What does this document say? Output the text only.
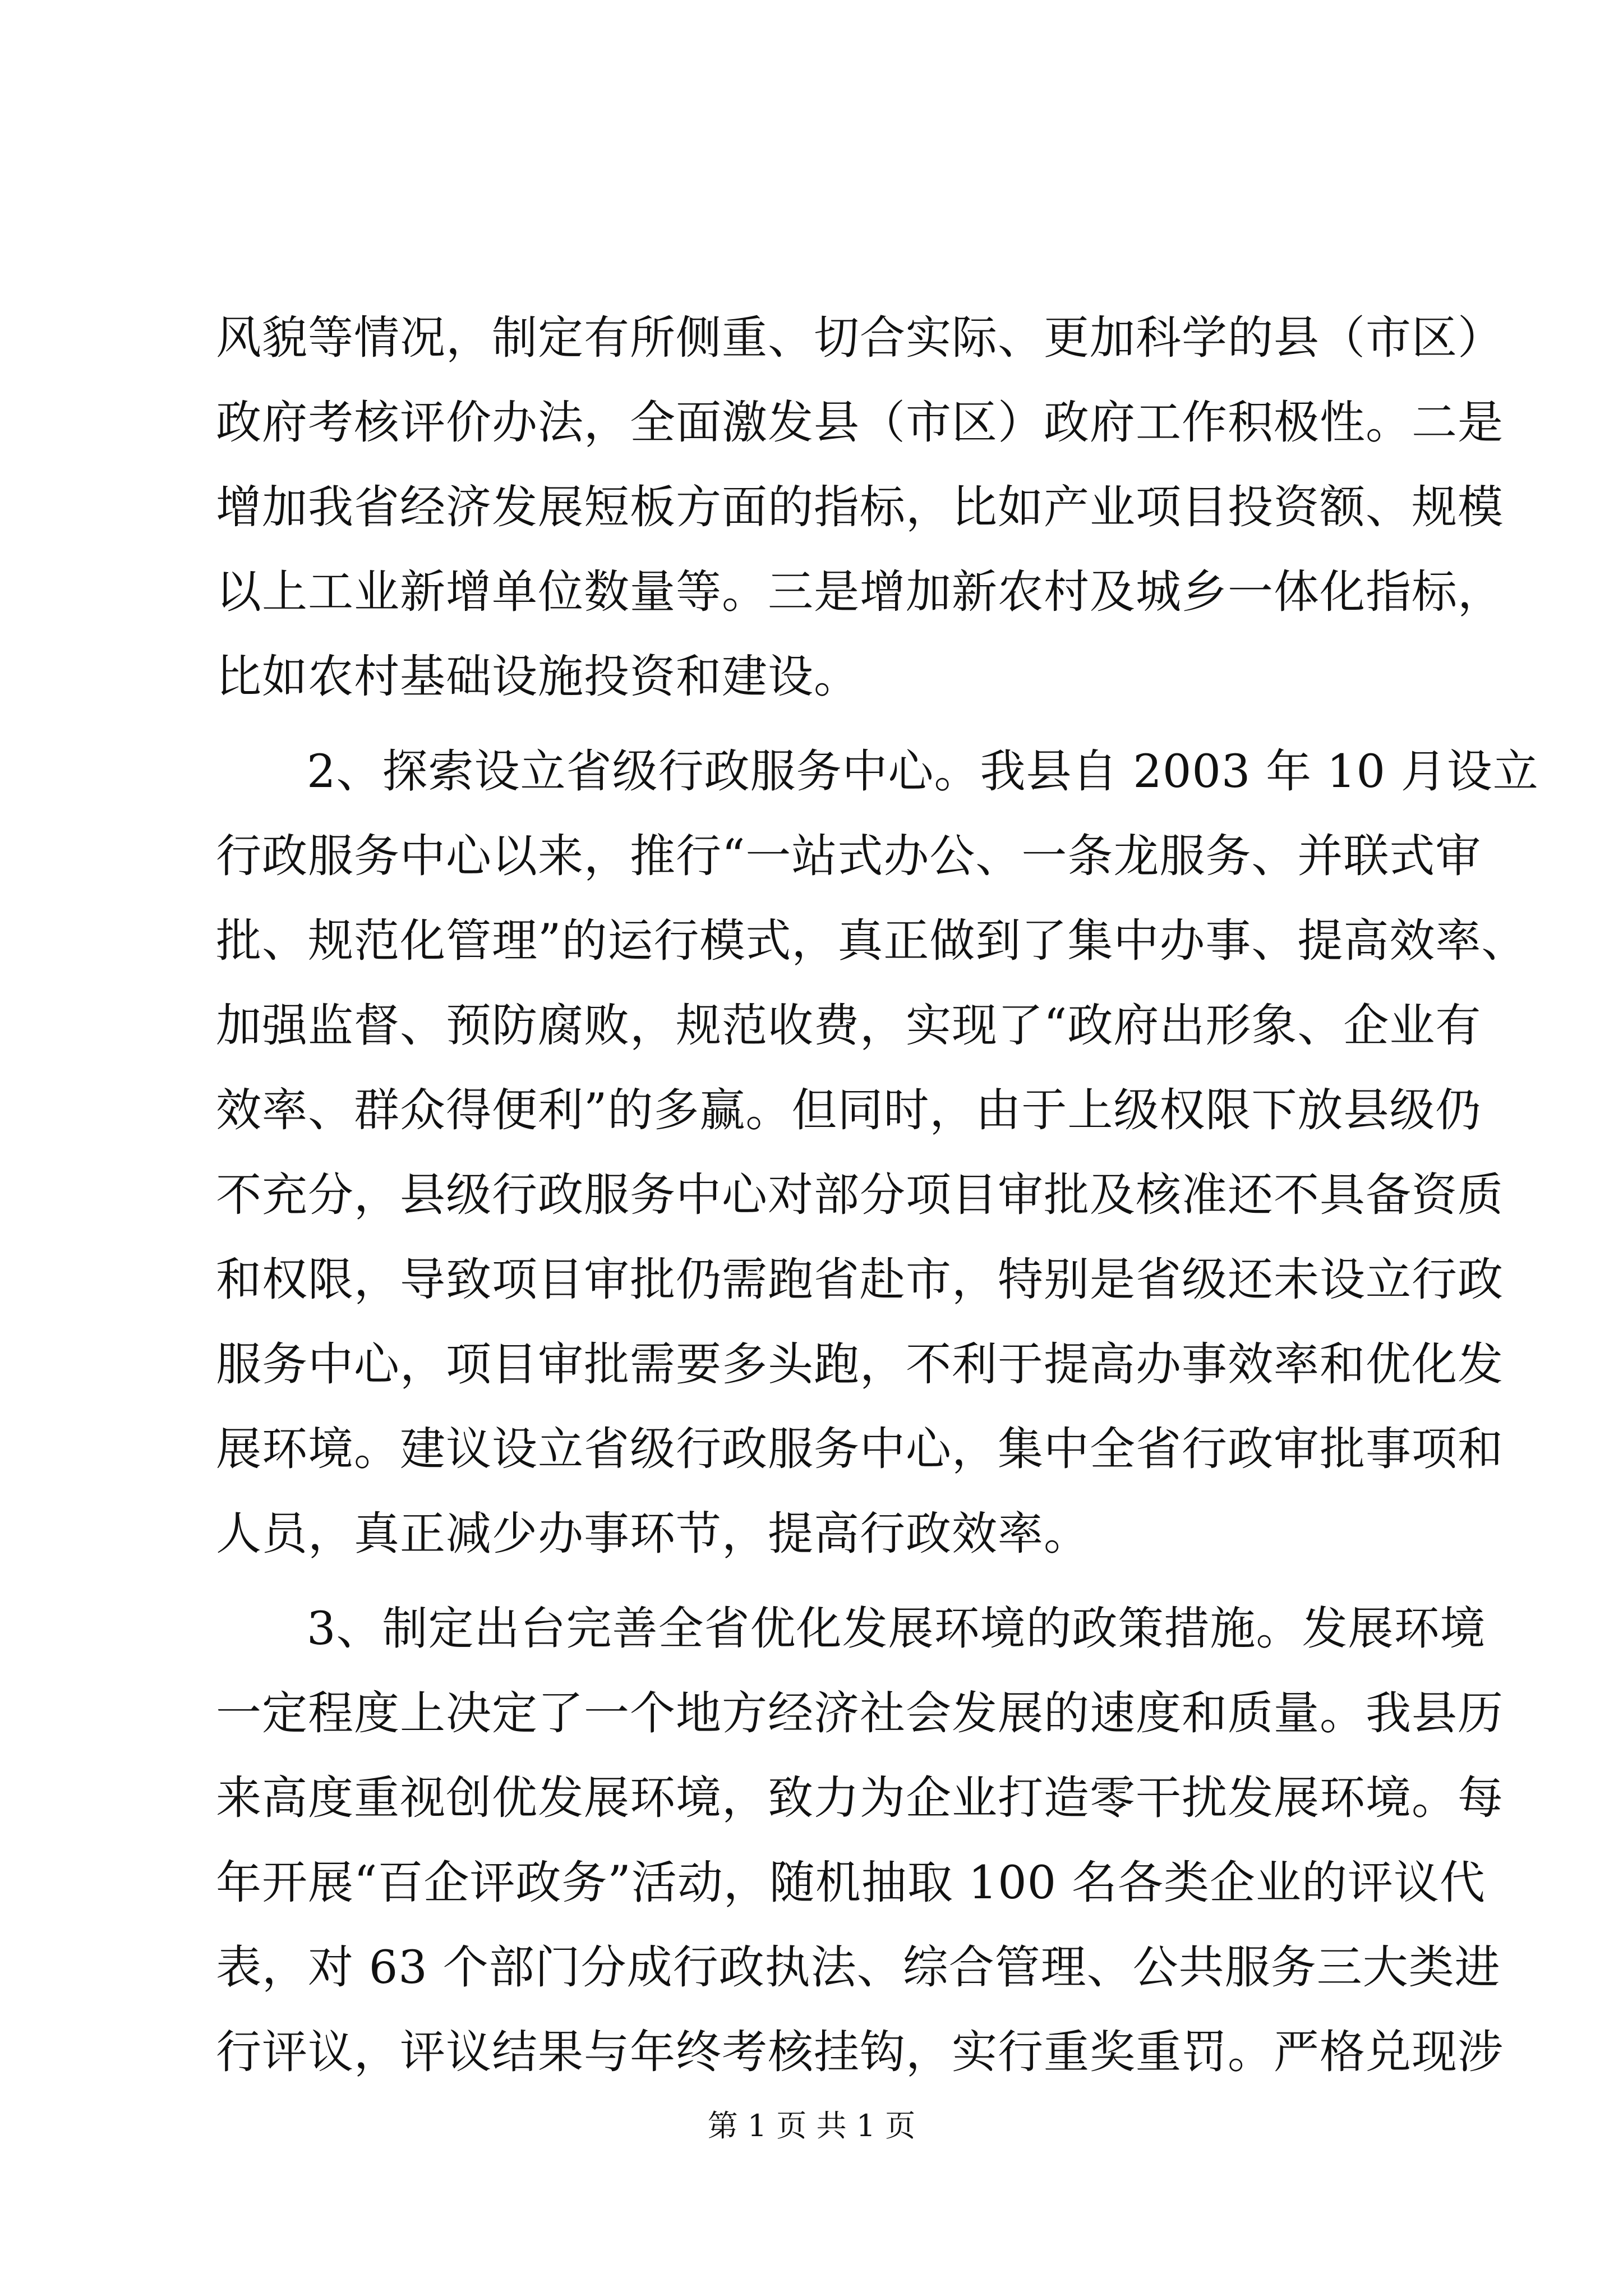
风貌等情况，制定有所侧重、切合实际、更加科学的县（市区）
政府考核评价办法，全面激发县（市区）政府工作积极性。二是
增加我省经济发展短板方面的指标，比如产业项目投资额、规模
以上工业新增单位数量等。三是增加新农村及城乡一体化指标，
比如农村基础设施投资和建设。
2、探索设立省级行政服务中心。我县自 2003 年 10 月设立
行政服务中心以来，推行“一站式办公、一条龙服务、并联式审
批、规范化管理”的运行模式，真正做到了集中办事、提高效率、
加强监督、预防腐败，规范收费，实现了“政府出形象、企业有
效率、群众得便利”的多赢。但同时，由于上级权限下放县级仍
不充分，县级行政服务中心对部分项目审批及核准还不具备资质
和权限，导致项目审批仍需跑省赴市，特别是省级还未设立行政
服务中心，项目审批需要多头跑，不利于提高办事效率和优化发
展环境。建议设立省级行政服务中心，集中全省行政审批事项和
人员，真正减少办事环节，提高行政效率。
3、制定出台完善全省优化发展环境的政策措施。发展环境
一定程度上决定了一个地方经济社会发展的速度和质量。我县历
来高度重视创优发展环境，致力为企业打造零干扰发展环境。每
年开展“百企评政务”活动，随机抽取 100 名各类企业的评议代
表，对 63 个部门分成行政执法、综合管理、公共服务三大类进
行评议，评议结果与年终考核挂钩，实行重奖重罚。严格兑现涉
第 1 页 共 1 页
